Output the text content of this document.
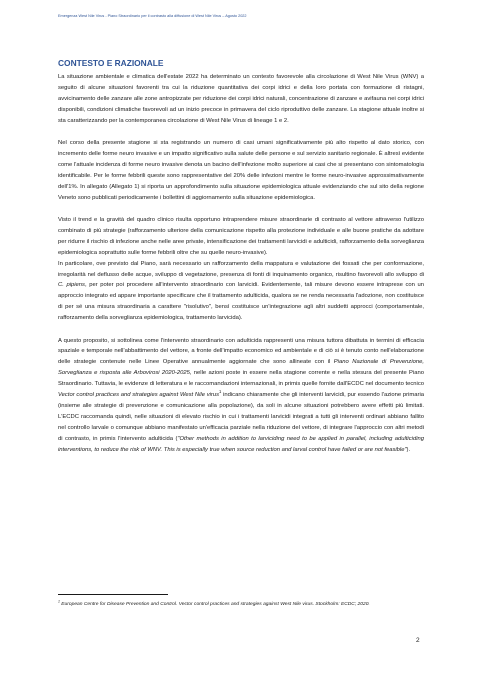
Emergenza West Nile Virus - Piano Straordinario per il contrasto alla diffusione di West Nile Virus – Agosto 2022
CONTESTO E RAZIONALE

La situazione ambientale e climatica dell'estate 2022 ha determinato un contesto favorevole alla circolazione di West Nile Virus (WNV) a seguito di alcune situazioni favorenti tra cui la riduzione quantitativa dei corpi idrici e della loro portata con formazione di ristagni, avvicinamento delle zanzare alle zone antropizzate per riduzione dei corpi idrici naturali, concentrazione di zanzare e avifauna nei corpi idrici disponibili, condizioni climatiche favorevoli ad un inizio precoce in primavera del ciclo riproduttivo delle zanzare. La stagione attuale inoltre si sta caratterizzando per la contemporanea circolazione di West Nile Virus di lineage 1 e 2.

Nel corso della presente stagione si sta registrando un numero di casi umani significativamente più alto rispetto al dato storico, con incremento delle forme neuro invasive e un impatto significativo sulla salute delle persone e sul servizio sanitario regionale. È altresì evidente come l'attuale incidenza di forme neuro invasive denota un bacino dell'infezione molto superiore ai casi che si presentano con sintomatologia identificabile. Per le forme febbrili queste sono rappresentative del 20% delle infezioni mentre le forme neuro-invasive approssimativamente dell'1%. In allegato (Allegato 1) si riporta un approfondimento sulla situazione epidemiologica attuale evidenziando che sul sito della regione Veneto sono pubblicati periodicamente i bollettini di aggiornamento sulla situazione epidemiologica.

Visto il trend e la gravità del quadro clinico risulta opportuno intraprendere misure straordinarie di contrasto al vettore attraverso l'utilizzo combinato di più strategie (rafforzamento ulteriore della comunicazione rispetto alla protezione individuale e alle buone pratiche da adottare per ridurre il rischio di infezione anche nelle aree private, intensificazione dei trattamenti larvicidi e adulticidi, rafforzamento della sorveglianza epidemiologica soprattutto sulle forme febbrili oltre che su quelle neuro-invasive).

In particolare, ove previsto dal Piano, sarà necessario un rafforzamento della mappatura e valutazione dei fossati che per conformazione, irregolarità nel deflusso delle acque, sviluppo di vegetazione, presenza di fonti di inquinamento organico, risultino favorevoli allo sviluppo di C. pipiens, per poter poi procedere all'intervento straordinario con larvicidi. Evidentemente, tali misure devono essere intraprese con un approccio integrato ed appare importante specificare che il trattamento adulticida, qualora se ne renda necessaria l'adozione, non costituisce di per sé una misura straordinaria a carattere "risolutivo", bensì costituisce un'integrazione agli altri suddetti approcci (comportamentale, rafforzamento della sorveglianza epidemiologica, trattamento larvicida).

A questo proposito, si sottolinea come l'intervento straordinario con adulticida rappresenti una misura tuttora dibattuta in termini di efficacia spaziale e temporale nell'abbattimento del vettore, a fronte dell'impatto economico ed ambientale e di ciò si è tenuto conto nell'elaborazione delle strategie contenute nelle Linee Operative annualmente aggiornate che sono allineate con il Piano Nazionale di Prevenzione, Sorveglianza e risposta alle Arbovirosi 2020-2025, nelle azioni poste in essere nella stagione corrente e nella stesura del presente Piano Straordinario. Tuttavia, le evidenze di letteratura e le raccomandazioni internazionali, in primis quelle fornite dall'ECDC nel documento tecnico Vector control practices and strategies against West Nile virus$^1$ indicano chiaramente che gli interventi larvicidi, pur essendo l'azione primaria (insieme alle strategie di prevenzione e comunicazione alla popolazione), da soli in alcune situazioni potrebbero avere effetti più limitati. L'ECDC raccomanda quindi, nelle situazioni di elevato rischio in cui i trattamenti larvicidi integrati a tutti gli interventi ordinari abbiano fallito nel controllo larvale o comunque abbiano manifestato un'efficacia parziale nella riduzione del vettore, di integrare l'approccio con altri metodi di contrasto, in primis l'intervento adulticida ("Other methods in addition to larviciding need to be applied in parallel, including adulticiding interventions, to reduce the risk of WNV. This is especially true when source reduction and larval control have failed or are not feasible").

$^1$ European Centre for Disease Prevention and Control. Vector control practices and strategies against West Nile virus. Stockholm: ECDC; 2020.

2
